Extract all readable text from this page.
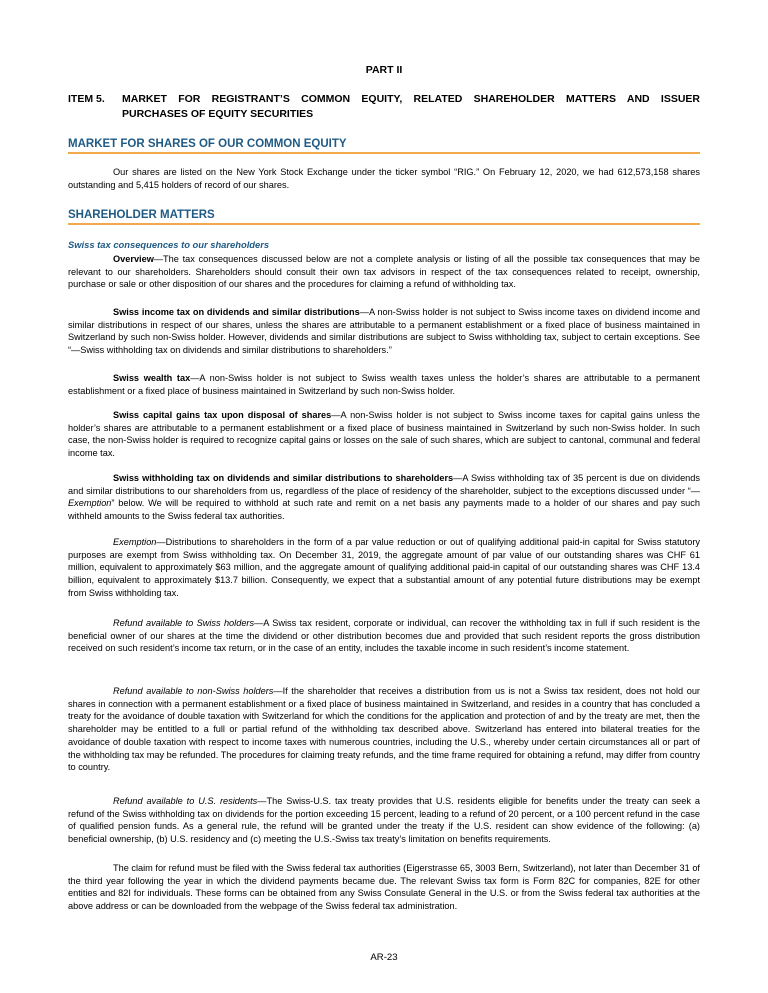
PART II
ITEM 5. MARKET FOR REGISTRANT’S COMMON EQUITY, RELATED SHAREHOLDER MATTERS AND ISSUER
PURCHASES OF EQUITY SECURITIES
MARKET FOR SHARES OF OUR COMMON EQUITY
Our shares are listed on the New York Stock Exchange under the ticker symbol “RIG.” On February 12, 2020, we had 612,573,158 shares outstanding and 5,415 holders of record of our shares.
SHAREHOLDER MATTERS
Swiss tax consequences to our shareholders
Overview—The tax consequences discussed below are not a complete analysis or listing of all the possible tax consequences that may be relevant to our shareholders. Shareholders should consult their own tax advisors in respect of the tax consequences related to receipt, ownership, purchase or sale or other disposition of our shares and the procedures for claiming a refund of withholding tax.
Swiss income tax on dividends and similar distributions—A non-Swiss holder is not subject to Swiss income taxes on dividend income and similar distributions in respect of our shares, unless the shares are attributable to a permanent establishment or a fixed place of business maintained in Switzerland by such non-Swiss holder. However, dividends and similar distributions are subject to Swiss withholding tax, subject to certain exceptions. See “—Swiss withholding tax on dividends and similar distributions to shareholders.”
Swiss wealth tax—A non-Swiss holder is not subject to Swiss wealth taxes unless the holder’s shares are attributable to a permanent establishment or a fixed place of business maintained in Switzerland by such non-Swiss holder.
Swiss capital gains tax upon disposal of shares—A non-Swiss holder is not subject to Swiss income taxes for capital gains unless the holder’s shares are attributable to a permanent establishment or a fixed place of business maintained in Switzerland by such non-Swiss holder. In such case, the non-Swiss holder is required to recognize capital gains or losses on the sale of such shares, which are subject to cantonal, communal and federal income tax.
Swiss withholding tax on dividends and similar distributions to shareholders—A Swiss withholding tax of 35 percent is due on dividends and similar distributions to our shareholders from us, regardless of the place of residency of the shareholder, subject to the exceptions discussed under “—Exemption” below. We will be required to withhold at such rate and remit on a net basis any payments made to a holder of our shares and pay such withheld amounts to the Swiss federal tax authorities.
Exemption—Distributions to shareholders in the form of a par value reduction or out of qualifying additional paid-in capital for Swiss statutory purposes are exempt from Swiss withholding tax. On December 31, 2019, the aggregate amount of par value of our outstanding shares was CHF 61 million, equivalent to approximately $63 million, and the aggregate amount of qualifying additional paid-in capital of our outstanding shares was CHF 13.4 billion, equivalent to approximately $13.7 billion. Consequently, we expect that a substantial amount of any potential future distributions may be exempt from Swiss withholding tax.
Refund available to Swiss holders—A Swiss tax resident, corporate or individual, can recover the withholding tax in full if such resident is the beneficial owner of our shares at the time the dividend or other distribution becomes due and provided that such resident reports the gross distribution received on such resident’s income tax return, or in the case of an entity, includes the taxable income in such resident’s income statement.
Refund available to non-Swiss holders—If the shareholder that receives a distribution from us is not a Swiss tax resident, does not hold our shares in connection with a permanent establishment or a fixed place of business maintained in Switzerland, and resides in a country that has concluded a treaty for the avoidance of double taxation with Switzerland for which the conditions for the application and protection of and by the treaty are met, then the shareholder may be entitled to a full or partial refund of the withholding tax described above. Switzerland has entered into bilateral treaties for the avoidance of double taxation with respect to income taxes with numerous countries, including the U.S., whereby under certain circumstances all or part of the withholding tax may be refunded. The procedures for claiming treaty refunds, and the time frame required for obtaining a refund, may differ from country to country.
Refund available to U.S. residents—The Swiss-U.S. tax treaty provides that U.S. residents eligible for benefits under the treaty can seek a refund of the Swiss withholding tax on dividends for the portion exceeding 15 percent, leading to a refund of 20 percent, or a 100 percent refund in the case of qualified pension funds. As a general rule, the refund will be granted under the treaty if the U.S. resident can show evidence of the following: (a) beneficial ownership, (b) U.S. residency and (c) meeting the U.S.-Swiss tax treaty’s limitation on benefits requirements.
The claim for refund must be filed with the Swiss federal tax authorities (Eigerstrasse 65, 3003 Bern, Switzerland), not later than December 31 of the third year following the year in which the dividend payments became due. The relevant Swiss tax form is Form 82C for companies, 82E for other entities and 82I for individuals. These forms can be obtained from any Swiss Consulate General in the U.S. or from the Swiss federal tax authorities at the above address or can be downloaded from the webpage of the Swiss federal tax administration.
AR-23
